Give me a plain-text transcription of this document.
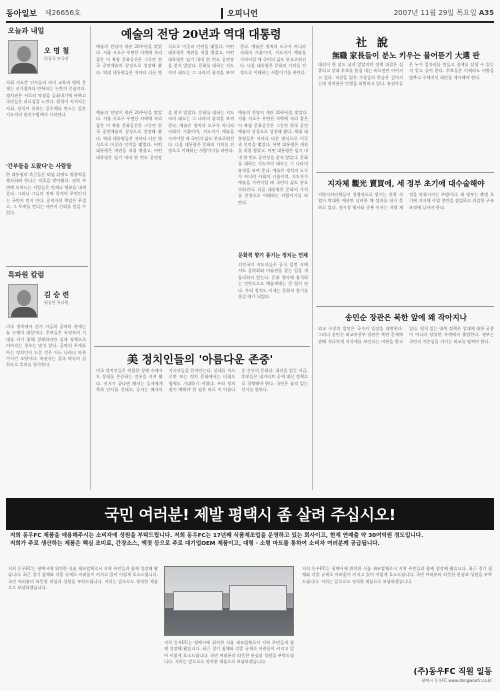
동아일보 제26656호	오피니언	2007년 11월 29일 목요일 A35
오늘과 내일
오 명 철
편집국 부국장
사회 지도층 인사들의 자녀 교육과 병역 문제는 선거철마다 반복되는 논란의 중심이다. 정치권은 서로의 약점을 들춰내기에 바쁘고 국민들은 피로감을 느낀다. 원칙이 지켜지는 사회, 상식이 통하는 공동체를 만드는 일은 지도자의 솔선수범에서 시작된다.
'간부들을 도왔다'는 사람들
한 대통령의 측근들은 퇴임 뒤에도 영향력을 행사하려 한다는 의혹을 받아왔다. 권력 주변에 모여드는 사람들은 언제나 명분을 내세운다. 그러나 그들의 진짜 목적이 무엇인지는 국민이 먼저 안다. 공직자의 책임은 무겁고, 그 무게를 견디는 자만이 신뢰를 얻을 수 있다.
특파원 칼럼
김 승 련
워싱턴 특파원
미국 정치에서 선거 자금과 공약의 관계는 늘 논쟁의 대상이다. 후보들은 유권자의 기대를 사기 위해 경쟁하지만 실제 정책으로 이어지는 경우는 많지 않다. 공약의 무게를 아는 정치인이 드문 것은 어느 나라나 마찬가지인 모양이다. 유권자는 결국 약속의 실천으로 후보를 평가한다.
예술의 전당 20년과 역대 대통령
예술의 전당이 개관 20주년을 맞았다. 서울 서초구 우면산 자락에 자리 잡은 이 복합 문화공간은 그동안 한국 공연예술의 상징으로 성장해 왔다. 역대 대통령들은 저마다 다른 방식으로 이곳과 인연을 맺었다. 어떤 대통령은 개관을 직접 챙겼고, 어떤 대통령은 임기 내내 한 번도 공연장을 찾지 않았다. 문화를 대하는 지도자의 태도는 그 나라의 품격을 보여 준다. 예술은 정치의 도구가 아니라 사회의 거울이며, 지도자가 예술을 가까이할 때 국민의 삶도 풍요로워진다. 다음 대통령은 문화의 가치를 진정으로 이해하는 사람이기를 바란다.
예술의 전당이 개관 20주년을 맞았다. 서울 서초구 우면산 자락에 자리 잡은 이 복합 문화공간은 그동안 한국 공연예술의 상징으로 성장해 왔다. 역대 대통령들은 저마다 다른 방식으로 이곳과 인연을 맺었다. 어떤 대통령은 개관을 직접 챙겼고, 어떤 대통령은 임기 내내 한 번도 공연장을 찾지 않았다. 문화를 대하는 지도자의 태도는 그 나라의 품격을 보여 준다. 예술은 정치의 도구가 아니라 사회의 거울이며, 지도자가 예술을 가까이할 때 국민의 삶도 풍요로워진다. 다음 대통령은 문화의 가치를 진정으로 이해하는 사람이기를 바란다.
예술의 전당이 개관 20주년을 맞았다. 서울 서초구 우면산 자락에 자리 잡은 이 복합 문화공간은 그동안 한국 공연예술의 상징으로 성장해 왔다. 역대 대통령들은 저마다 다른 방식으로 이곳과 인연을 맺었다. 어떤 대통령은 개관을 직접 챙겼고, 어떤 대통령은 임기 내내 한 번도 공연장을 찾지 않았다. 문화를 대하는 지도자의 태도는 그 나라의 품격을 보여 준다. 예술은 정치의 도구가 아니라 사회의 거울이며, 지도자가 예술을 가까이할 때 국민의 삶도 풍요로워진다. 다음 대통령은 문화의 가치를 진정으로 이해하는 사람이기를 바란다.
문화적 향기 풍기는 정치는 언제
선진국의 지도자들은 공식 일정 속에서도 음악회와 미술관을 찾는 일을 게을리하지 않는다. 문화 행사에 참석하는 것만으로도 예술계에는 큰 힘이 된다. 우리 정치도 이제는 문화적 향기를 풍길 때가 되었다.
美 정치인들의 '아름다운 존중'
미국 정치인들은 치열한 경쟁 속에서도 상대를 존중하는 전통을 지켜 왔다. 선거가 끝나면 패자는 승자에게 축하 인사를 건네고, 승자는 패자의 지지자들을 끌어안는다. 상대를 적으로만 보는 정치 문화에서는 타협도 협력도 기대하기 어렵다. 우리 정치권이 배워야 할 점은 바로 이 아름다운 존중의 문화다. 대선을 앞둔 지금, 후보들은 네거티브 공세 대신 정책으로 경쟁해야 한다. 국민은 품격 있는 선거를 원한다.
社 說
無職 家長들이 분노 키우는 물어뜯기 大選 판
대선이 한 달도 남지 않았지만 정책 대결은 실종되고 상대 후보를 흠집 내는 폭로전만 이어지고 있다. 직장을 잃은 가장들의 한숨은 깊어지는데 정치권은 민생을 외면하고 있다. 유권자들은 누가 일자리를 만들고 경제를 살릴 수 있는지 알고 싶어 한다. 후보들은 이제라도 비방을 멈추고 구체적인 대안을 제시해야 한다.
지자체 觀光 賣買에, 세 정부 초기에 대수술해야
지방자치단체들이 경쟁적으로 벌이는 관광 사업이 막대한 예산만 낭비한 채 성과를 내지 못하고 있다. 전시성 행사와 중복 투자는 지방 재정을 악화시키는 주범이다. 새 정부는 출범 초기에 지자체 사업 전반을 점검하고 과감한 구조조정에 나서야 한다.
송민순 장관은 북한 앞에 왜 작아지나
외교 수장의 발언은 국가의 입장을 대변한다. 그러나 송민순 외교통상부 장관은 북한 문제에 관해 지나치게 저자세를 보인다는 비판을 받고 있다. 원칙 있는 대북 정책은 상대에 대한 굴종이 아니라 당당한 자세에서 출발한다. 정부는 국민의 자존심을 지키는 외교를 펼쳐야 한다.
국민 여러분! 제발 평택시 좀 살려 주십시오!
저희 동우FC 제품을 애용해주시는 소비자에 성원을 부탁드립니다. 저희 동우FC는 17년째 식품제조업을 운영하고 있는 회사이고, 현재 연매출 약 30여억원 정도입니다.
저희가 주로 생산하는 제품은 핵심 조미료, 간장소스, 액젓 등으로 주로 대기업OEM 제품이고, 대형 · 소형 마트를 통하여 소비자 여러분께 공급됩니다.
저희 동우FC는 평택시에 위치한 식품 제조업체로서 지역 주민들과 함께 성장해 왔습니다. 최근 경기 침체와 각종 규제로 어려움이 커지고 있어 이렇게 호소드립니다. 국민 여러분의 따뜻한 관심과 성원을 부탁드립니다. 저희는 앞으로도 정직한 제품으로 보답하겠습니다.
저희 동우FC는 평택시에 위치한 식품 제조업체로서 지역 주민들과 함께 성장해 왔습니다. 최근 경기 침체와 각종 규제로 어려움이 커지고 있어 이렇게 호소드립니다. 국민 여러분의 따뜻한 관심과 성원을 부탁드립니다. 저희는 앞으로도 정직한 제품으로 보답하겠습니다.
저희 동우FC는 평택시에 위치한 식품 제조업체로서 지역 주민들과 함께 성장해 왔습니다. 최근 경기 침체와 각종 규제로 어려움이 커지고 있어 이렇게 호소드립니다. 국민 여러분의 따뜻한 관심과 성원을 부탁드립니다. 저희는 앞으로도 정직한 제품으로 보답하겠습니다.
(주)동우FC 직원 일동
평택시 동우FC www.dongwoofc.co.kr
